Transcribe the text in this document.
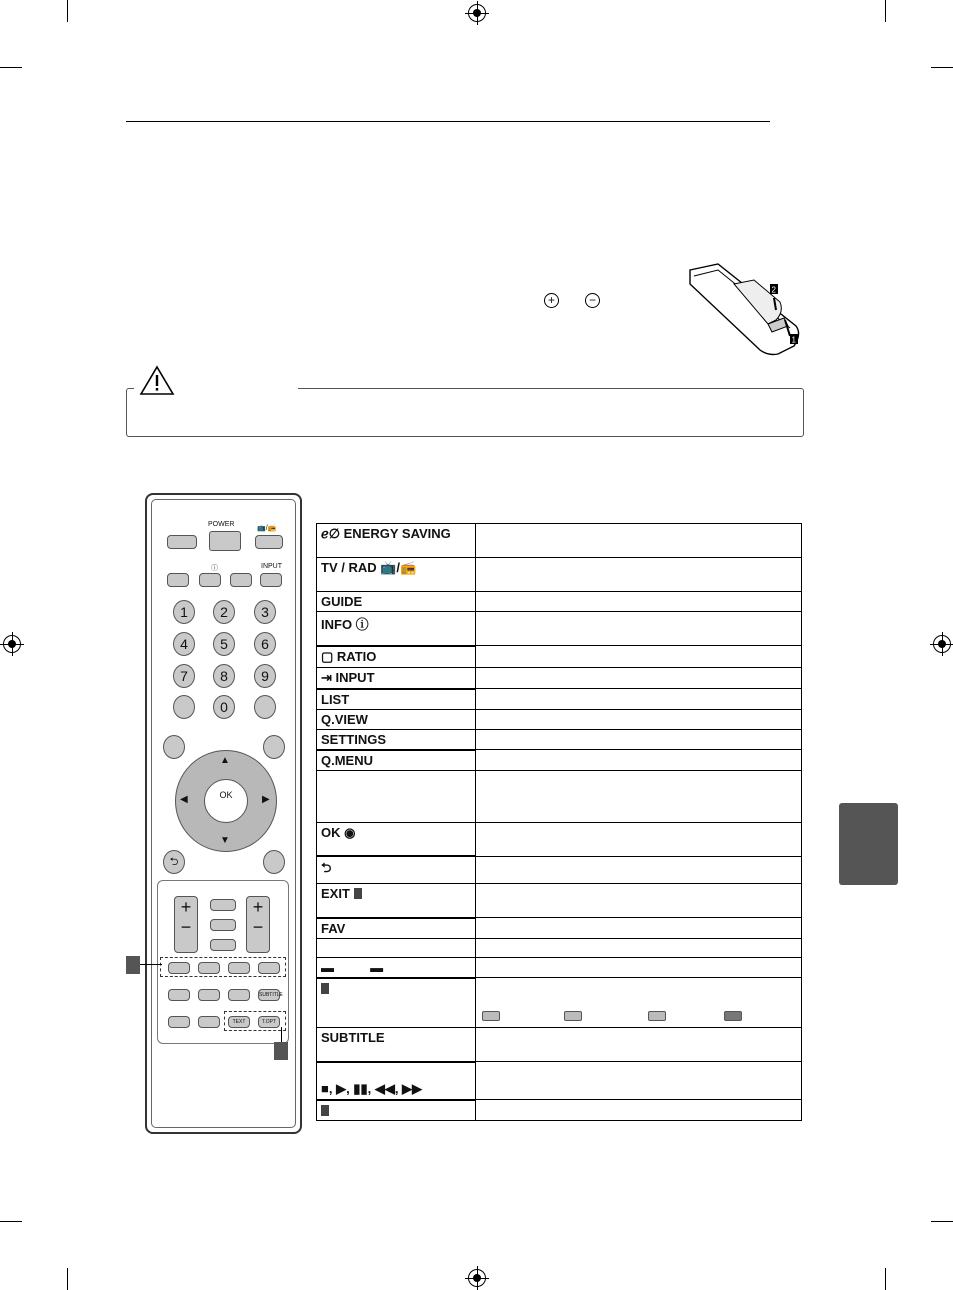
+	−
2
1
POWER
📺/📻
ⓘ	INPUT
1	2	3
4	5	6
7	8	9
0
▲
▼
◀	▶
OK
⮌
+
−
+
−
SUBTITLE
TEXT	T.OPT
ℯ∅ ENERGY SAVING	
TV / RAD 📺/📻	
GUIDE	
INFO ⓘ	
▢ RATIO	
⇥ INPUT	
LIST	
Q.VIEW	
SETTINGS	
Q.MENU	

OK ◉	
⮌	
EXIT	
FAV	

▬          ▬	

SUBTITLE	
■, ▶, ▮▮, ◀◀, ▶▶	
